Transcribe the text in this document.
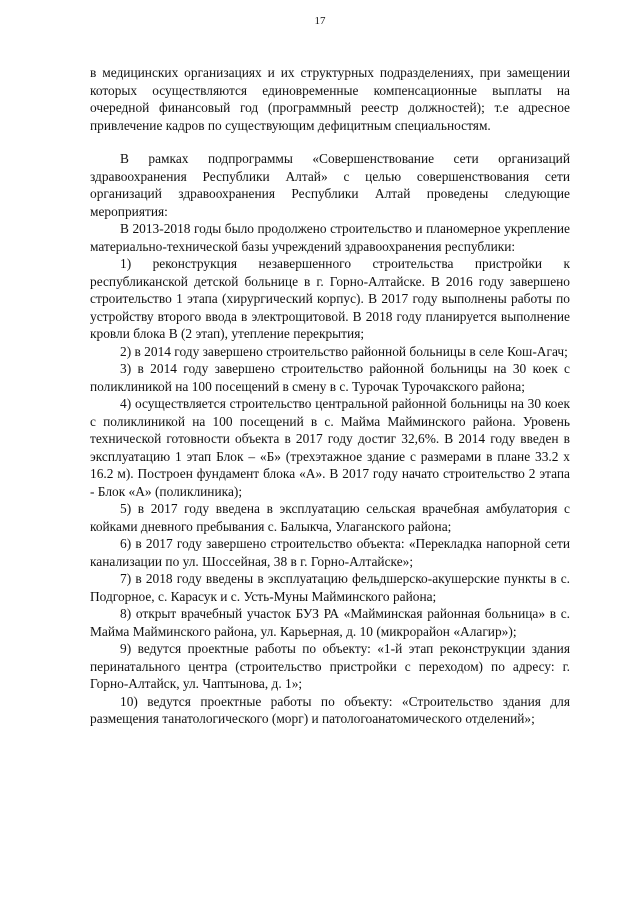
17

в медицинских организациях и их структурных подразделениях, при замещении которых осуществляются единовременные компенсационные выплаты на очередной финансовый год (программный реестр должностей); т.е адресное привлечение кадров по существующим дефицитным специальностям.

В рамках подпрограммы «Совершенствование сети организаций здравоохранения Республики Алтай» с целью совершенствования сети организаций здравоохранения Республики Алтай проведены следующие мероприятия:

В 2013-2018 годы было продолжено строительство и планомерное укрепление материально-технической базы учреждений здравоохранения республики:

1) реконструкция незавершенного строительства пристройки к республиканской детской больнице в г. Горно-Алтайске. В 2016 году завершено строительство 1 этапа (хирургический корпус). В 2017 году выполнены работы по устройству второго ввода в электрощитовой. В 2018 году планируется выполнение кровли блока В (2 этап), утепление перекрытия;

2) в 2014 году завершено строительство районной больницы в селе Кош-Агач;

3) в 2014 году завершено строительство районной больницы на 30 коек с поликлиникой на 100 посещений в смену в с. Турочак Турочакского района;

4) осуществляется строительство центральной районной больницы на 30 коек с поликлиникой на 100 посещений в с. Майма Майминского района. Уровень технической готовности объекта в 2017 году достиг 32,6%. В 2014 году введен в эксплуатацию 1 этап Блок – «Б» (трехэтажное здание с размерами в плане 33.2 х 16.2 м). Построен фундамент блока «А». В 2017 году начато строительство 2 этапа - Блок «А» (поликлиника);

5) в 2017 году введена в эксплуатацию сельская врачебная амбулатория с койками дневного пребывания с. Балыкча, Улаганского района;

6) в 2017 году завершено строительство объекта: «Перекладка напорной сети канализации по ул. Шоссейная, 38 в г. Горно-Алтайске»;

7) в 2018 году введены в эксплуатацию фельдшерско-акушерские пункты в с. Подгорное, с. Карасук и с. Усть-Муны Майминского района;

8) открыт врачебный участок БУЗ РА «Майминская районная больница» в с. Майма Майминского района, ул. Карьерная, д. 10 (микрорайон «Алагир»);

9) ведутся проектные работы по объекту: «1-й этап реконструкции здания перинатального центра (строительство пристройки с переходом) по адресу: г. Горно-Алтайск, ул. Чаптынова, д. 1»;

10) ведутся проектные работы по объекту: «Строительство здания для размещения танатологического (морг) и патологоанатомического отделений»;
